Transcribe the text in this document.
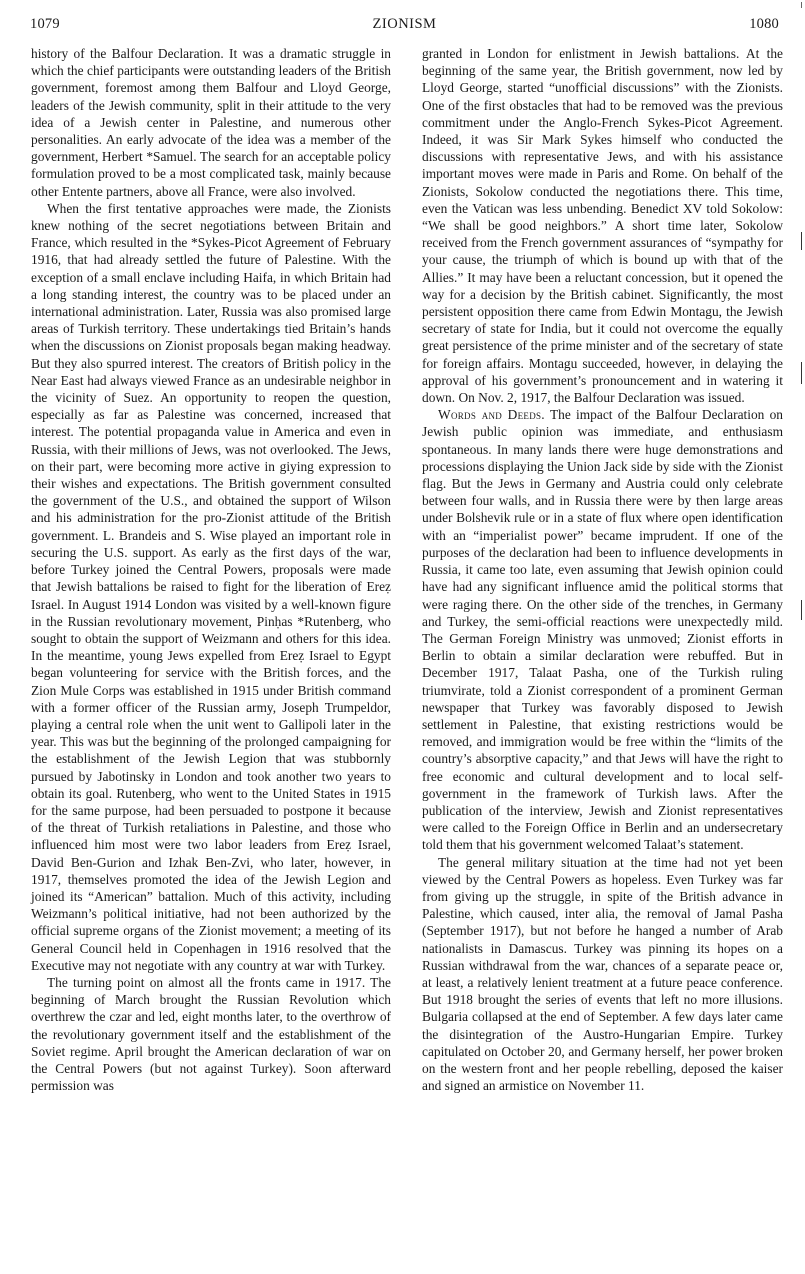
1079	ZIONISM	1080

history of the Balfour Declaration. It was a dramatic struggle in which the chief participants were outstanding leaders of the British government, foremost among them Balfour and Lloyd George, leaders of the Jewish community, split in their attitude to the very idea of a Jewish center in Palestine, and numerous other personalities. An early advocate of the idea was a member of the government, Herbert *Samuel. The search for an acceptable policy formulation proved to be a most complicated task, mainly because other Entente partners, above all France, were also involved.

When the first tentative approaches were made, the Zionists knew nothing of the secret negotiations between Britain and France, which resulted in the *Sykes-Picot Agreement of February 1916, that had already settled the future of Palestine. With the exception of a small enclave including Haifa, in which Britain had a long standing interest, the country was to be placed under an international administration. Later, Russia was also promised large areas of Turkish territory. These undertakings tied Britain’s hands when the discussions on Zionist proposals began making headway. But they also spurred interest. The creators of British policy in the Near East had always viewed France as an undesirable neighbor in the vicinity of Suez. An opportunity to reopen the question, especially as far as Palestine was concerned, increased that interest. The potential propaganda value in America and even in Russia, with their millions of Jews, was not overlooked. The Jews, on their part, were becoming more active in giying expression to their wishes and expectations. The British government consulted the government of the U.S., and obtained the support of Wilson and his administration for the pro-Zionist attitude of the British government. L. Brandeis and S. Wise played an important role in securing the U.S. support. As early as the first days of the war, before Turkey joined the Central Powers, proposals were made that Jewish battalions be raised to fight for the liberation of Ereẓ Israel. In August 1914 London was visited by a well-known figure in the Russian revolutionary movement, Pinḥas *Rutenberg, who sought to obtain the support of Weizmann and others for this idea. In the meantime, young Jews expelled from Ereẓ Israel to Egypt began volunteering for service with the British forces, and the Zion Mule Corps was established in 1915 under British command with a former officer of the Russian army, Joseph Trumpeldor, playing a central role when the unit went to Gallipoli later in the year. This was but the beginning of the prolonged campaigning for the establishment of the Jewish Legion that was stubbornly pursued by Jabotinsky in London and took another two years to obtain its goal. Rutenberg, who went to the United States in 1915 for the same purpose, had been persuaded to postpone it because of the threat of Turkish retaliations in Palestine, and those who influenced him most were two labor leaders from Ereẓ Israel, David Ben-Gurion and Izhak Ben-Zvi, who later, however, in 1917, themselves promoted the idea of the Jewish Legion and joined its “American” battalion. Much of this activity, including Weizmann’s political initiative, had not been authorized by the official supreme organs of the Zionist movement; a meeting of its General Council held in Copenhagen in 1916 resolved that the Executive may not negotiate with any country at war with Turkey.

The turning point on almost all the fronts came in 1917. The beginning of March brought the Russian Revolution which overthrew the czar and led, eight months later, to the overthrow of the revolutionary government itself and the establishment of the Soviet regime. April brought the American declaration of war on the Central Powers (but not against Turkey). Soon afterward permission was

granted in London for enlistment in Jewish battalions. At the beginning of the same year, the British government, now led by Lloyd George, started “unofficial discussions” with the Zionists. One of the first obstacles that had to be removed was the previous commitment under the Anglo-French Sykes-Picot Agreement. Indeed, it was Sir Mark Sykes himself who conducted the discussions with representative Jews, and with his assistance important moves were made in Paris and Rome. On behalf of the Zionists, Sokolow conducted the negotiations there. This time, even the Vatican was less unbending. Benedict XV told Sokolow: “We shall be good neighbors.” A short time later, Sokolow received from the French government assurances of “sympathy for your cause, the triumph of which is bound up with that of the Allies.” It may have been a reluctant concession, but it opened the way for a decision by the British cabinet. Significantly, the most persistent opposition there came from Edwin Montagu, the Jewish secretary of state for India, but it could not overcome the equally great persistence of the prime minister and of the secretary of state for foreign affairs. Montagu succeeded, however, in delaying the approval of his government’s pronouncement and in watering it down. On Nov. 2, 1917, the Balfour Declaration was issued.

Words and Deeds. The impact of the Balfour Declaration on Jewish public opinion was immediate, and enthusiasm spontaneous. In many lands there were huge demonstrations and processions displaying the Union Jack side by side with the Zionist flag. But the Jews in Germany and Austria could only celebrate between four walls, and in Russia there were by then large areas under Bolshevik rule or in a state of flux where open identification with an “imperialist power” became imprudent. If one of the purposes of the declaration had been to influence developments in Russia, it came too late, even assuming that Jewish opinion could have had any significant influence amid the political storms that were raging there. On the other side of the trenches, in Germany and Turkey, the semi-official reactions were unexpectedly mild. The German Foreign Ministry was unmoved; Zionist efforts in Berlin to obtain a similar declaration were rebuffed. But in December 1917, Talaat Pasha, one of the Turkish ruling triumvirate, told a Zionist correspondent of a prominent German newspaper that Turkey was favorably disposed to Jewish settlement in Palestine, that existing restrictions would be removed, and immigration would be free within the “limits of the country’s absorptive capacity,” and that Jews will have the right to free economic and cultural development and to local self-government in the framework of Turkish laws. After the publication of the interview, Jewish and Zionist representatives were called to the Foreign Office in Berlin and an undersecretary told them that his government welcomed Talaat’s statement.

The general military situation at the time had not yet been viewed by the Central Powers as hopeless. Even Turkey was far from giving up the struggle, in spite of the British advance in Palestine, which caused, inter alia, the removal of Jamal Pasha (September 1917), but not before he hanged a number of Arab nationalists in Damascus. Turkey was pinning its hopes on a Russian withdrawal from the war, chances of a separate peace or, at least, a relatively lenient treatment at a future peace conference. But 1918 brought the series of events that left no more illusions. Bulgaria collapsed at the end of September. A few days later came the disintegration of the Austro-Hungarian Empire. Turkey capitulated on October 20, and Germany herself, her power broken on the western front and her people rebelling, deposed the kaiser and signed an armistice on November 11.
